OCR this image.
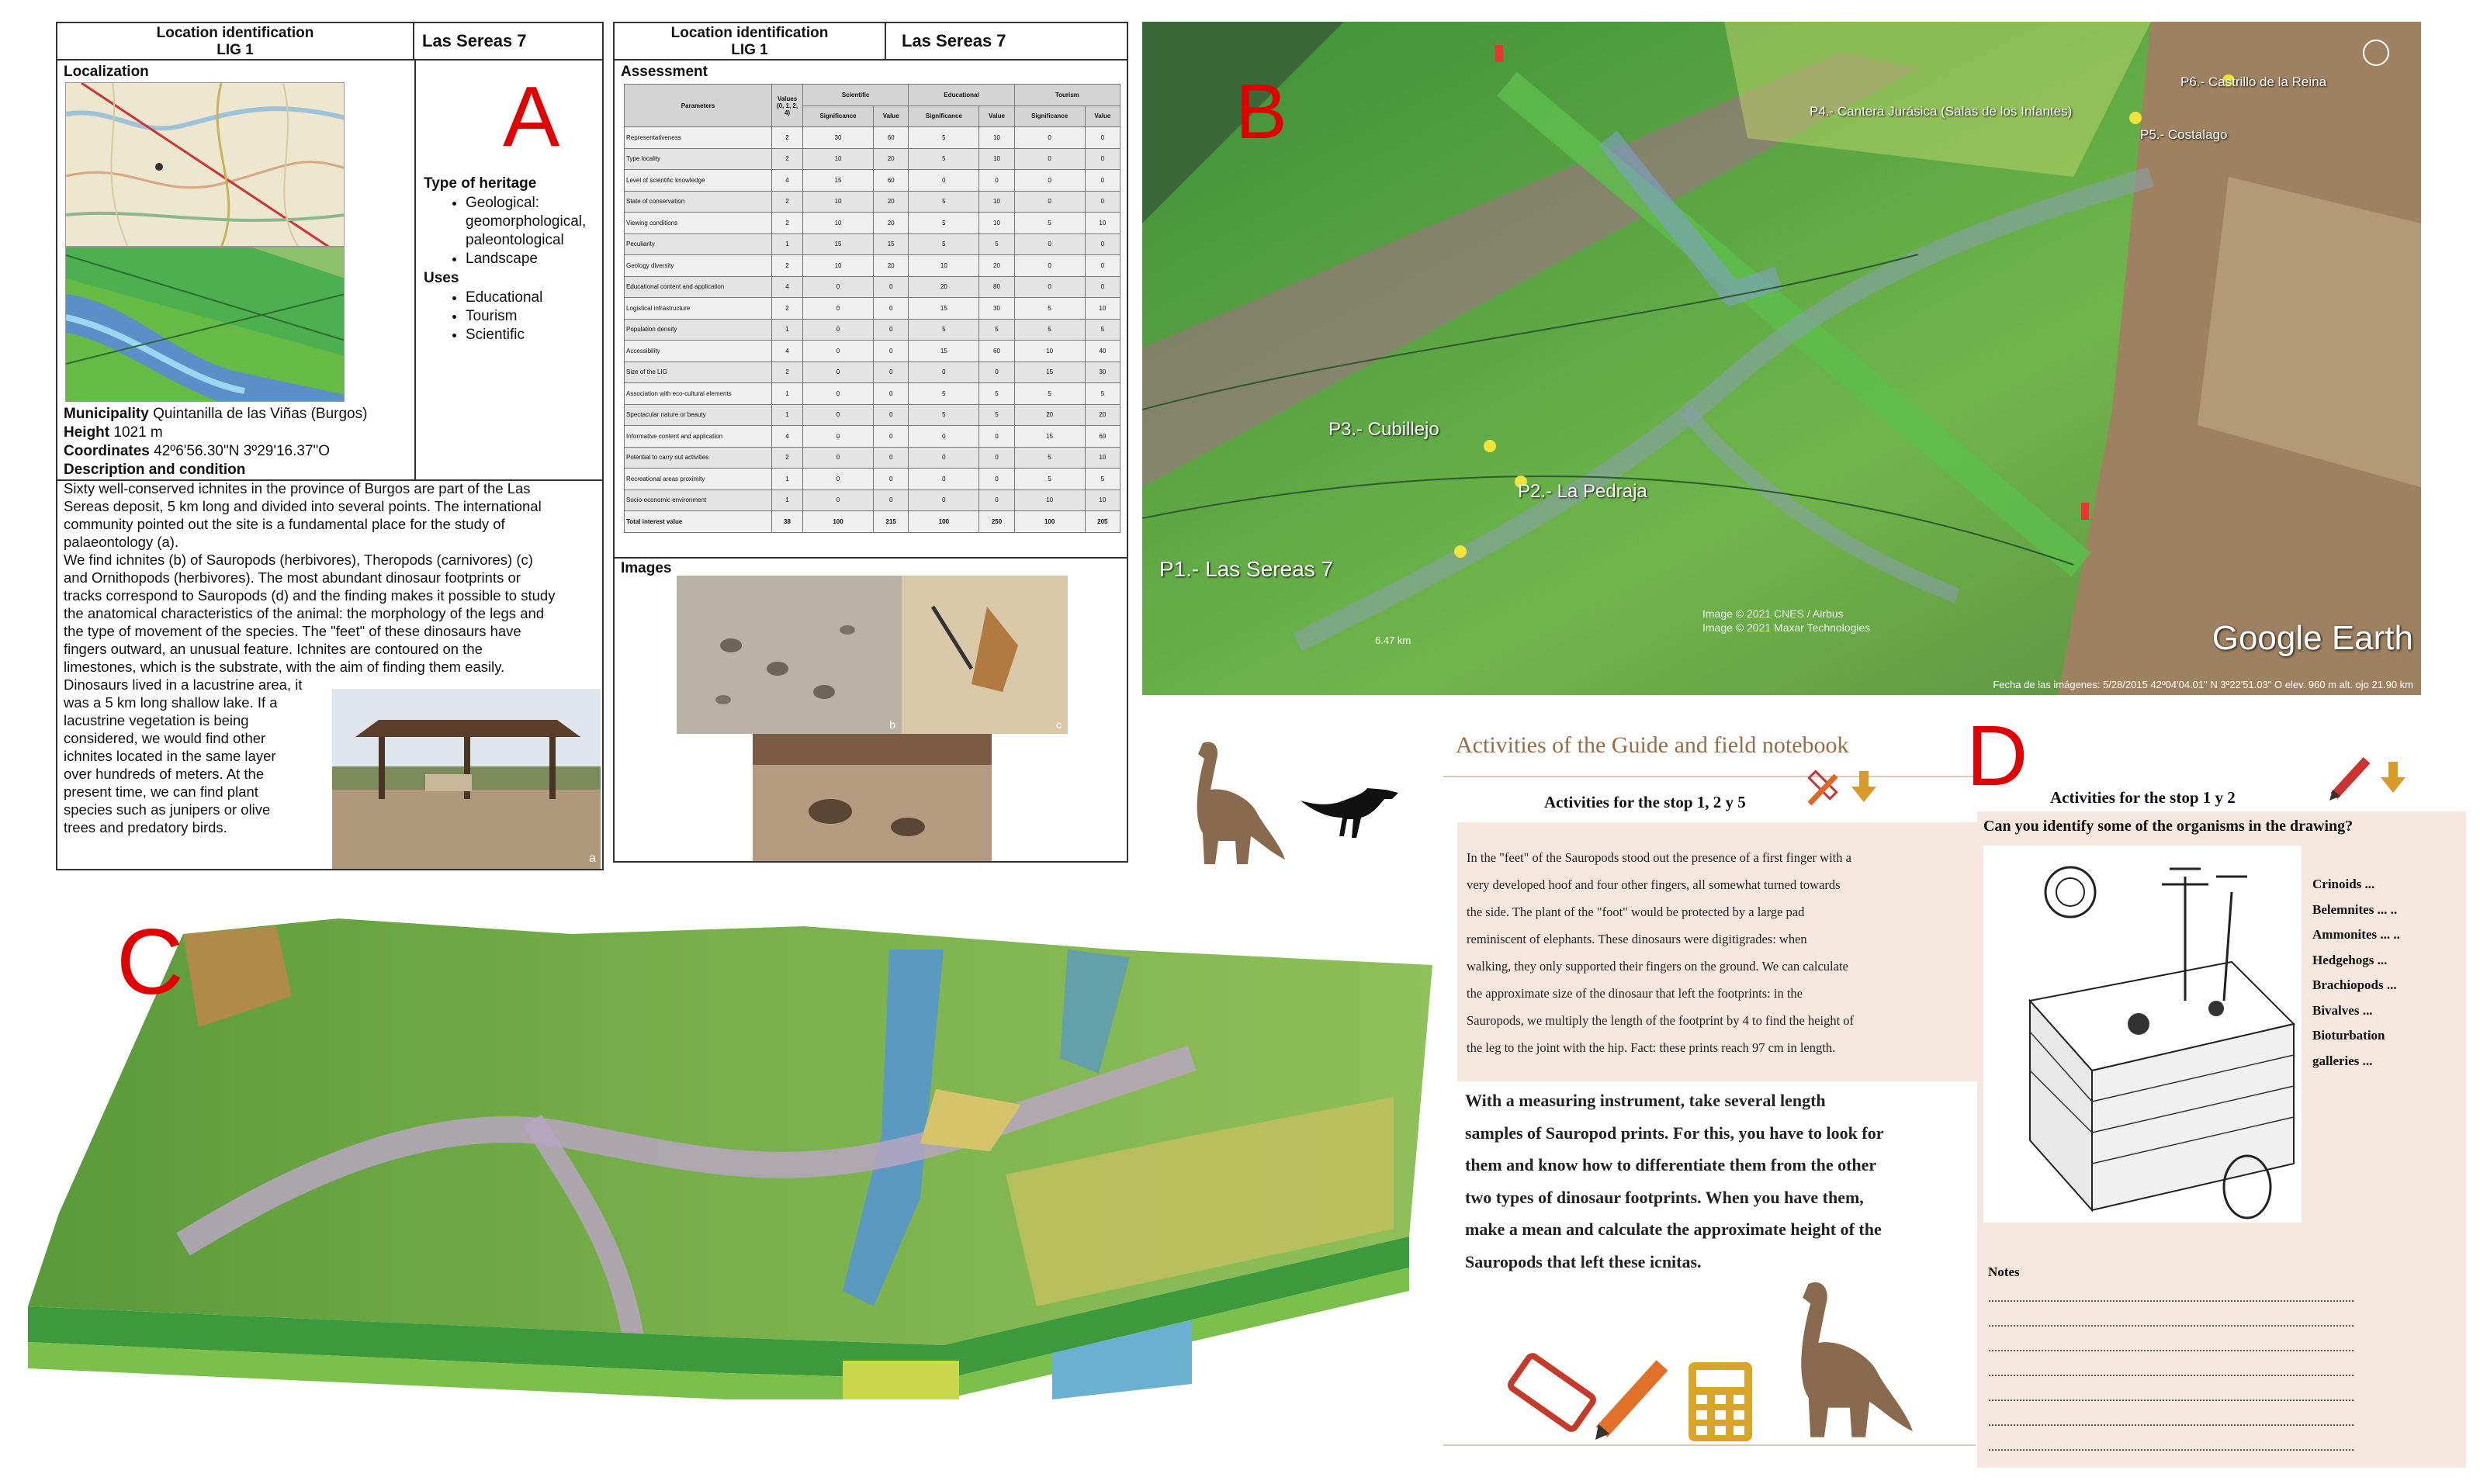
Location identification
LIG 1	Las Sereas 7
Localization
Type of heritage
• Geological:
geomorphological,
paleontological
• Landscape
Uses
• Educational
• Tourism
• Scientific
Municipality Quintanilla de las Viñas (Burgos)
Height 1021 m
Coordinates 42º6'56.30"N 3º29'16.37"O
Description and condition
Sixty well-conserved ichnites in the province of Burgos are part of the Las
Sereas deposit, 5 km long and divided into several points. The international
community pointed out the site is a fundamental place for the study of
palaeontology (a).
We find ichnites (b) of Sauropods (herbivores), Theropods (carnivores) (c)
and Ornithopods (herbivores). The most abundant dinosaur footprints or
tracks correspond to Sauropods (d) and the finding makes it possible to study
the anatomical characteristics of the animal: the morphology of the legs and
the type of movement of the species. The "feet" of these dinosaurs have
fingers outward, an unusual feature. Ichnites are contoured on the
limestones, which is the substrate, with the aim of finding them easily.
Dinosaurs lived in a lacustrine area, it
was a 5 km long shallow lake. If a
lacustrine vegetation is being
considered, we would find other
ichnites located in the same layer
over hundreds of meters. At the
present time, we can find plant
species such as junipers or olive
trees and predatory birds.
a
A
Location identification
LIG 1	Las Sereas 7
Assessment
Parameters	Values (0, 1, 2, 4)	Scientific		Educational		Tourism	
		Significance	Value	Significance	Value	Significance	Value
Representativeness	2	30	60	5	10	0	0
Type locality	2	10	20	5	10	0	0
Level of scientific knowledge	4	15	60	0	0	0	0
State of conservation	2	10	20	5	10	0	0
Viewing conditions	2	10	20	5	10	5	10
Peculiarity	1	15	15	5	5	0	0
Geology diversity	2	10	20	10	20	0	0
Educational content and application	4	0	0	20	80	0	0
Logistical infrastructure	2	0	0	15	30	5	10
Population density	1	0	0	5	5	5	5
Accessibility	4	0	0	15	60	10	40
Size of the LIG	2	0	0	0	0	15	30
Association with eco-cultural elements	1	0	0	5	5	5	5
Spectacular nature or beauty	1	0	0	5	5	20	20
Informative content and application	4	0	0	0	0	15	60
Potential to carry out activities	2	0	0	0	0	5	10
Recreational areas proximity	1	0	0	0	0	5	5
Socio-economic environment	1	0	0	0	0	10	10
Total interest value	38	100	215	100	250	100	205
Images
b	c
P1.- Las Sereas 7
P2.- La Pedraja
P3.- Cubillejo
P4.- Cantera Jurásica (Salas de los Infantes)
P5.- Costalago
P6.- Castrillo de la Reina
Image © 2021 CNES / Airbus
Image © 2021 Maxar Technologies
6.47 km	Google Earth
Fecha de las imágenes: 5/28/2015 42º04'04.01" N 3º22'51.03" O elev. 960 m alt. ojo 21.90 km
B
C
Activities of the Guide and field notebook
Activities for the stop 1, 2 y 5
In the "feet" of the Sauropods stood out the presence of a first finger with a
very developed hoof and four other fingers, all somewhat turned towards
the side. The plant of the "foot" would be protected by a large pad
reminiscent of elephants. These dinosaurs were digitigrades: when
walking, they only supported their fingers on the ground. We can calculate
the approximate size of the dinosaur that left the footprints: in the
Sauropods, we multiply the length of the footprint by 4 to find the height of
the leg to the joint with the hip. Fact: these prints reach 97 cm in length.
With a measuring instrument, take several length
samples of Sauropod prints. For this, you have to look for
them and know how to differentiate them from the other
two types of dinosaur footprints. When you have them,
make a mean and calculate the approximate height of the
Sauropods that left these icnitas.
D Activities for the stop 1 y 2
Can you identify some of the organisms in the drawing?
Crinoids ...
Belemnites ... ..
Ammonites ... ..
Hedgehogs ...
Brachiopods ...
Bivalves ...
Bioturbation
galleries ...
Notes
......................................................................................................................
......................................................................................................................
......................................................................................................................
......................................................................................................................
......................................................................................................................
......................................................................................................................
......................................................................................................................
